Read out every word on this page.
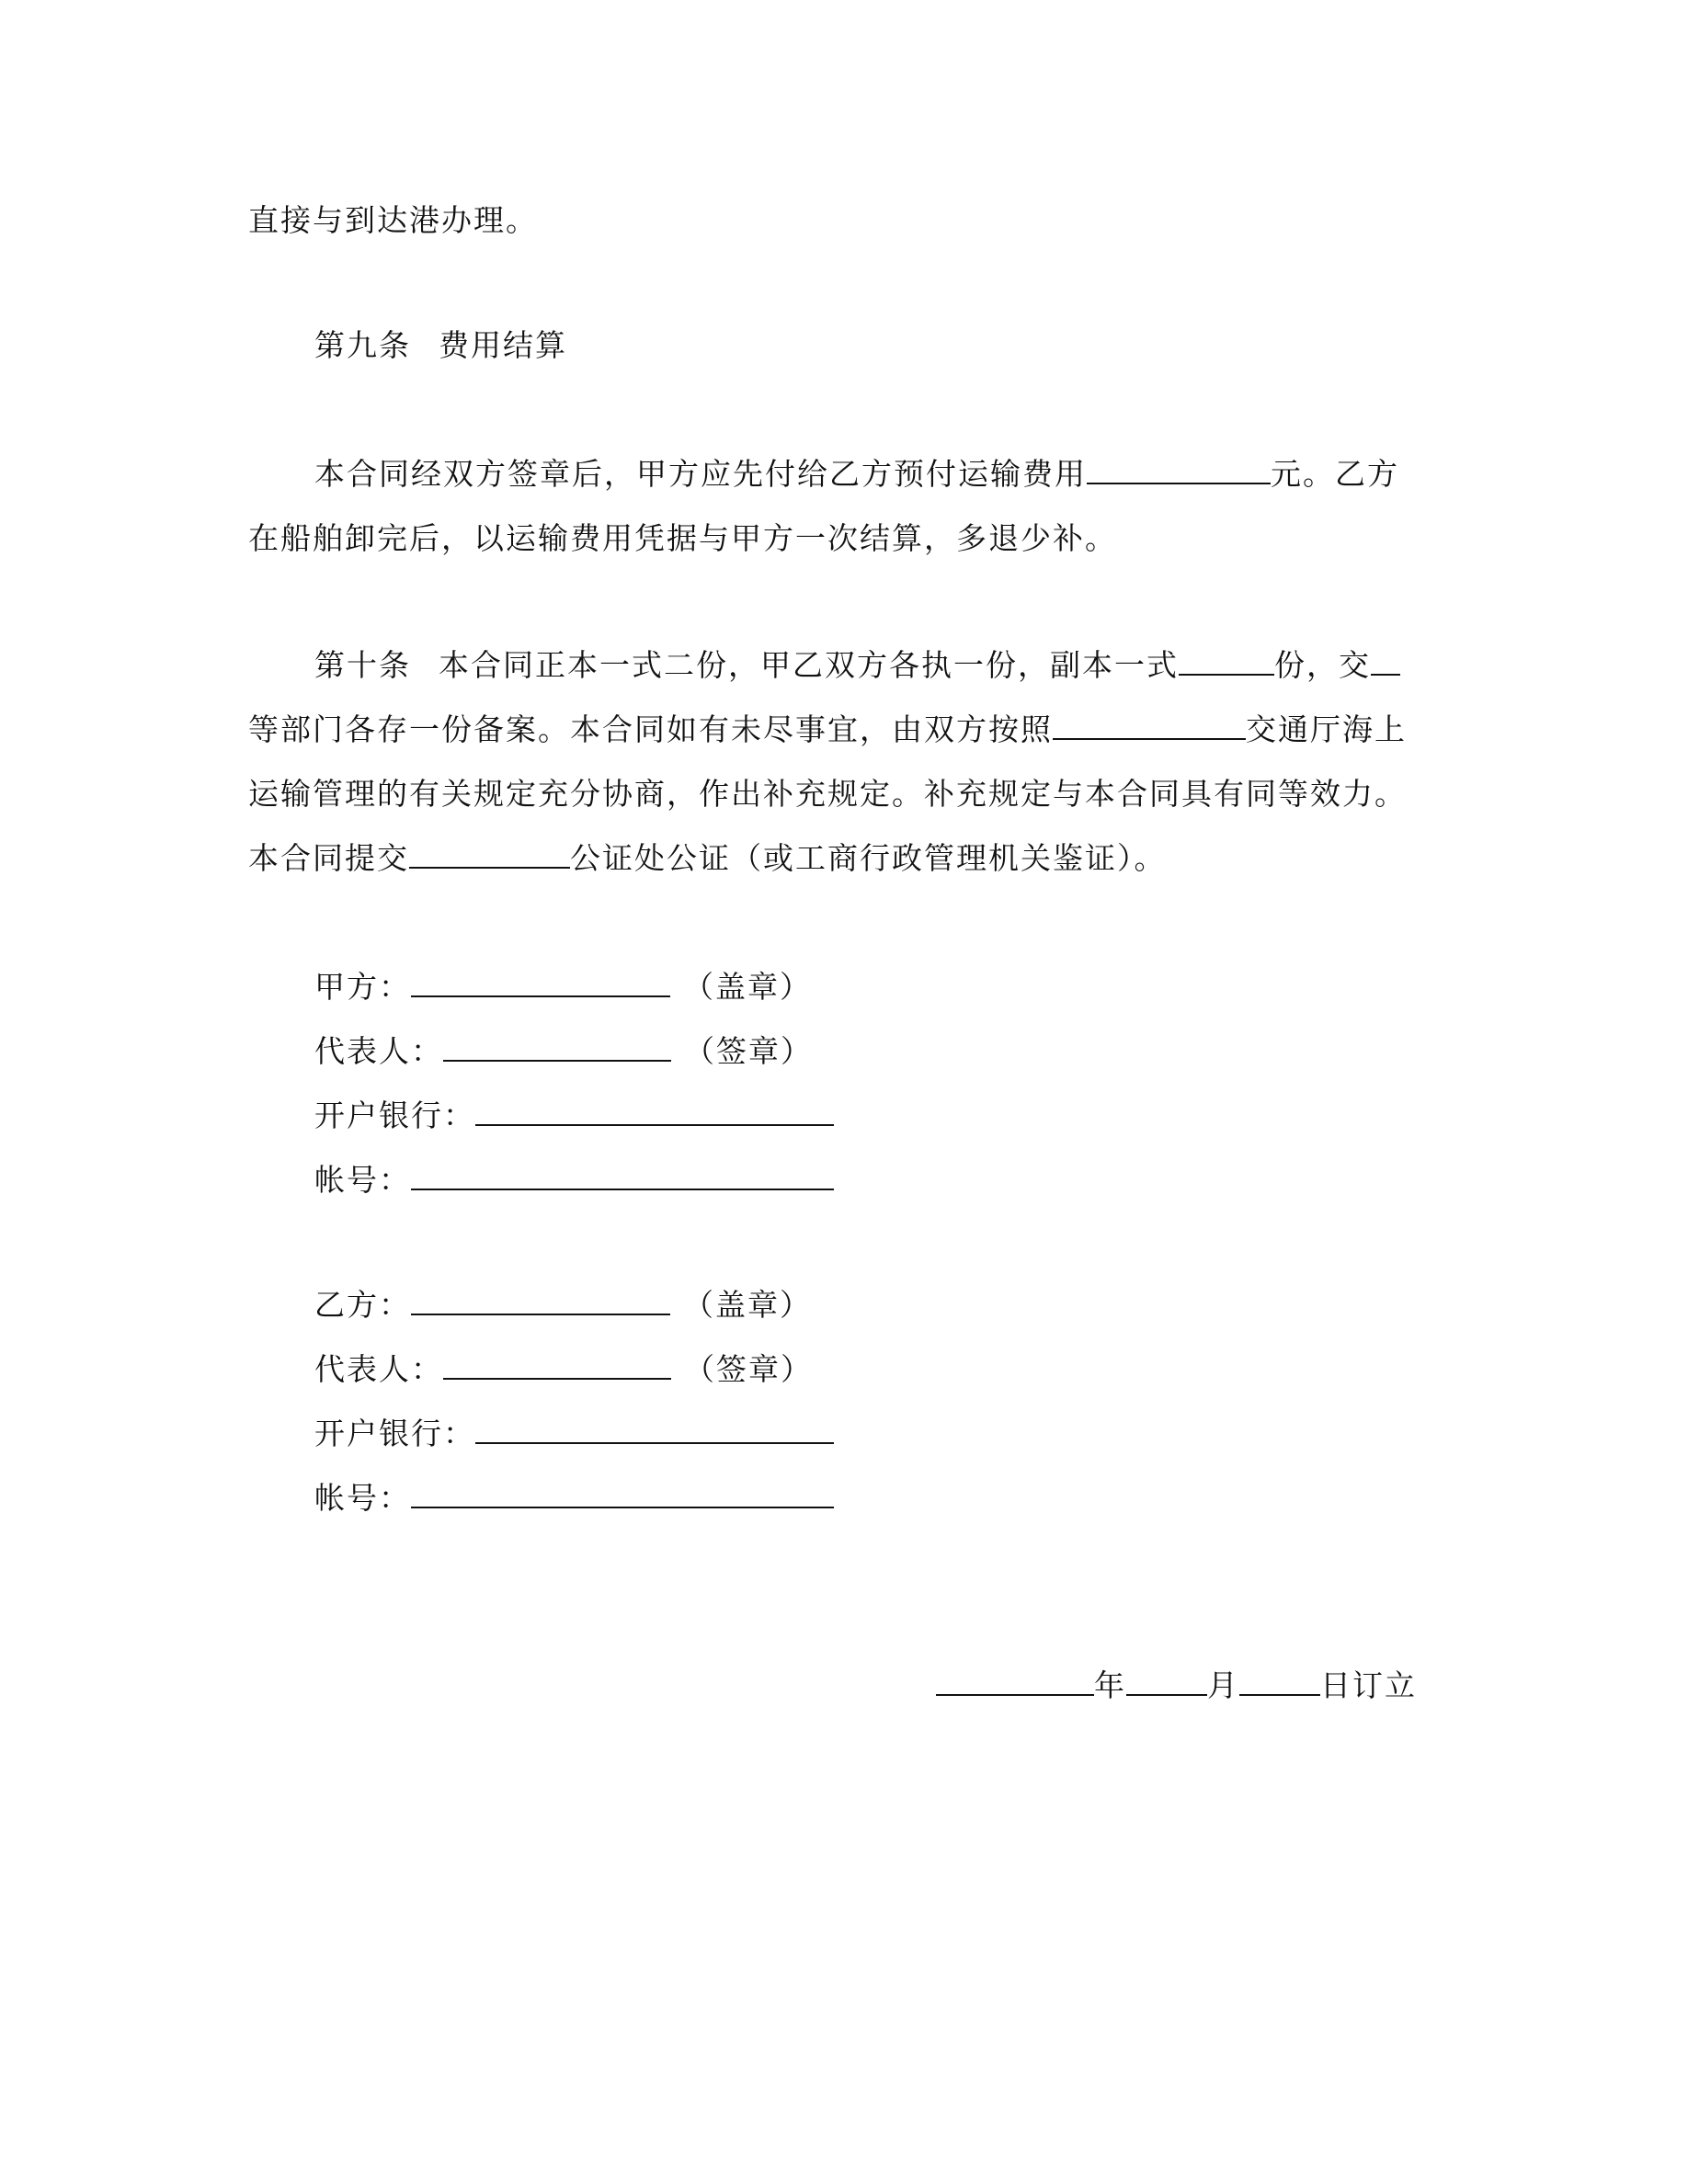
直接与到达港办理。

第九条 费用结算

本合同经双方签章后，甲方应先付给乙方预付运输费用	元。乙方

在船舶卸完后，以运输费用凭据与甲方一次结算，多退少补。

第十条 本合同正本一式二份，甲乙双方各执一份，副本一式	份，交

等部门各存一份备案。本合同如有未尽事宜，由双方按照	交通厅海上

运输管理的有关规定充分协商，作出补充规定。补充规定与本合同具有同等效力。

本合同提交	公证处公证（或工商行政管理机关鉴证）。

甲方：	（盖章）

代表人：	（签章）

开户银行：

帐号：

乙方：	（盖章）

代表人：	（签章）

开户银行：

帐号：

年	月	日订立
